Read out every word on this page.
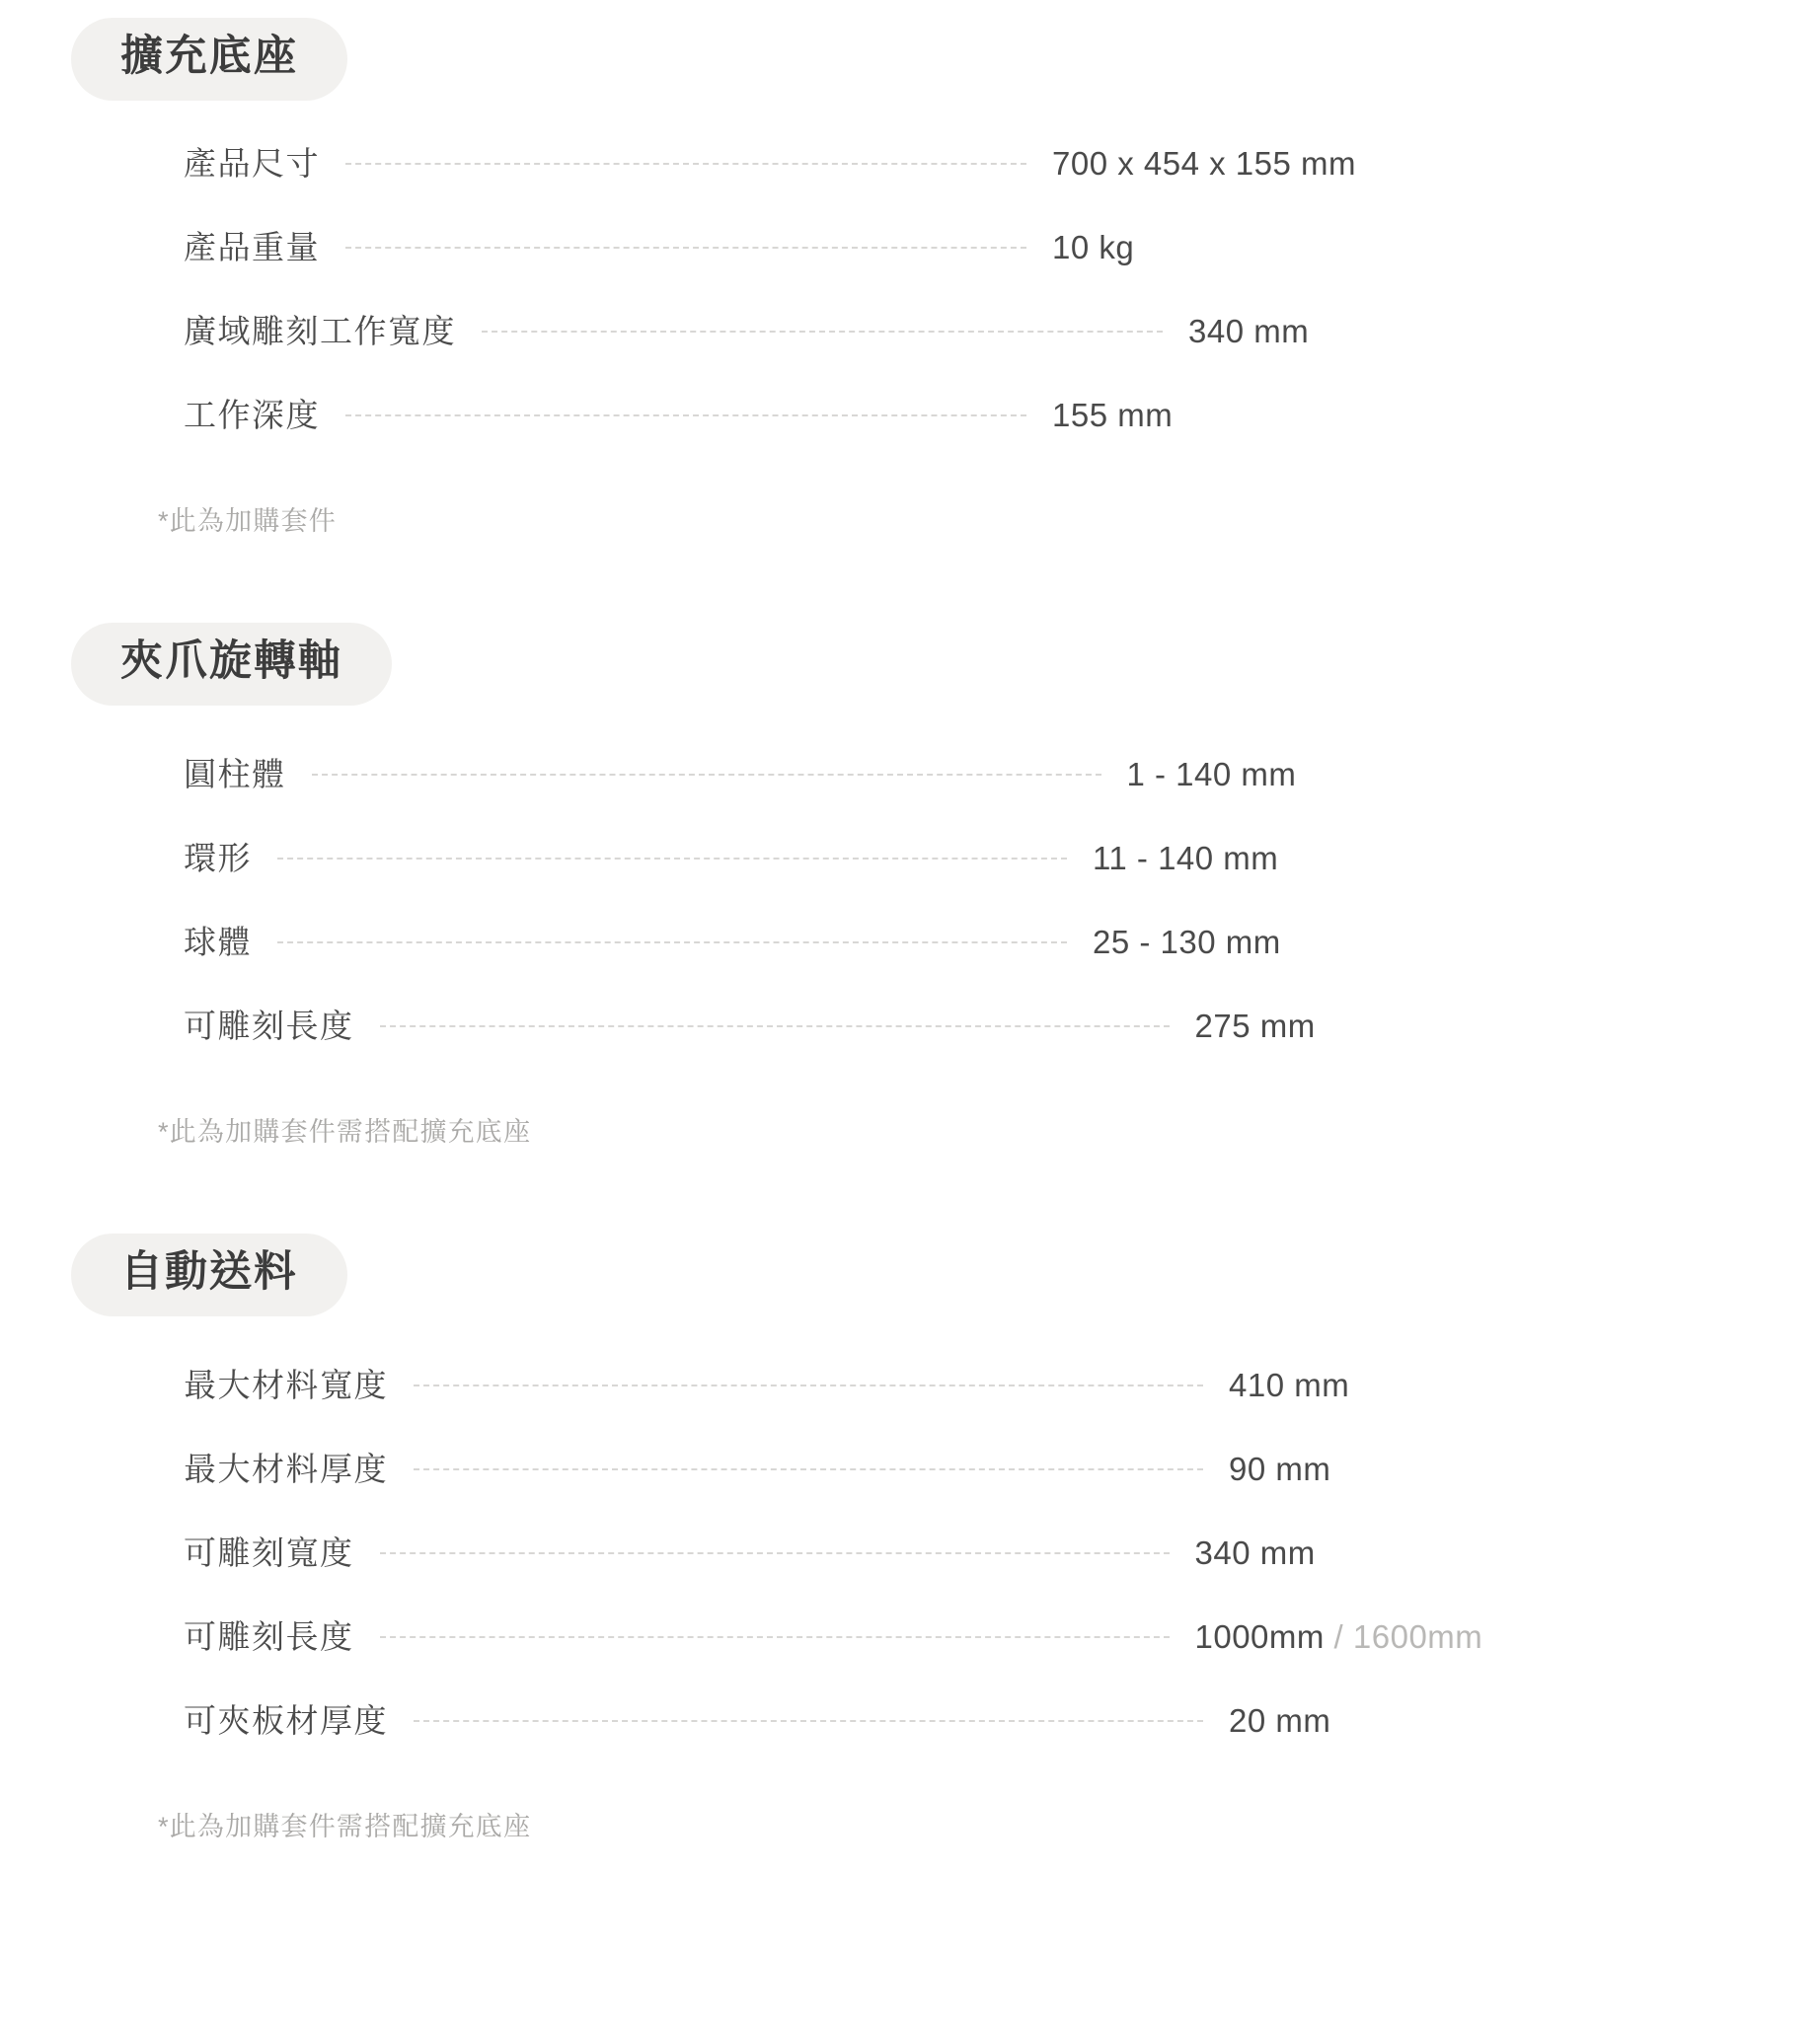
擴充底座
產品尺寸	700 x 454 x 155 mm
產品重量	10 kg
廣域雕刻工作寬度	340 mm
工作深度	155 mm
*此為加購套件
夾爪旋轉軸
圓柱體	1 - 140 mm
環形	11 - 140 mm
球體	25 - 130 mm
可雕刻長度	275 mm
*此為加購套件需搭配擴充底座
自動送料
最大材料寬度	410 mm
最大材料厚度	90 mm
可雕刻寬度	340 mm
可雕刻長度	1000mm / 1600mm
可夾板材厚度	20 mm
*此為加購套件需搭配擴充底座
